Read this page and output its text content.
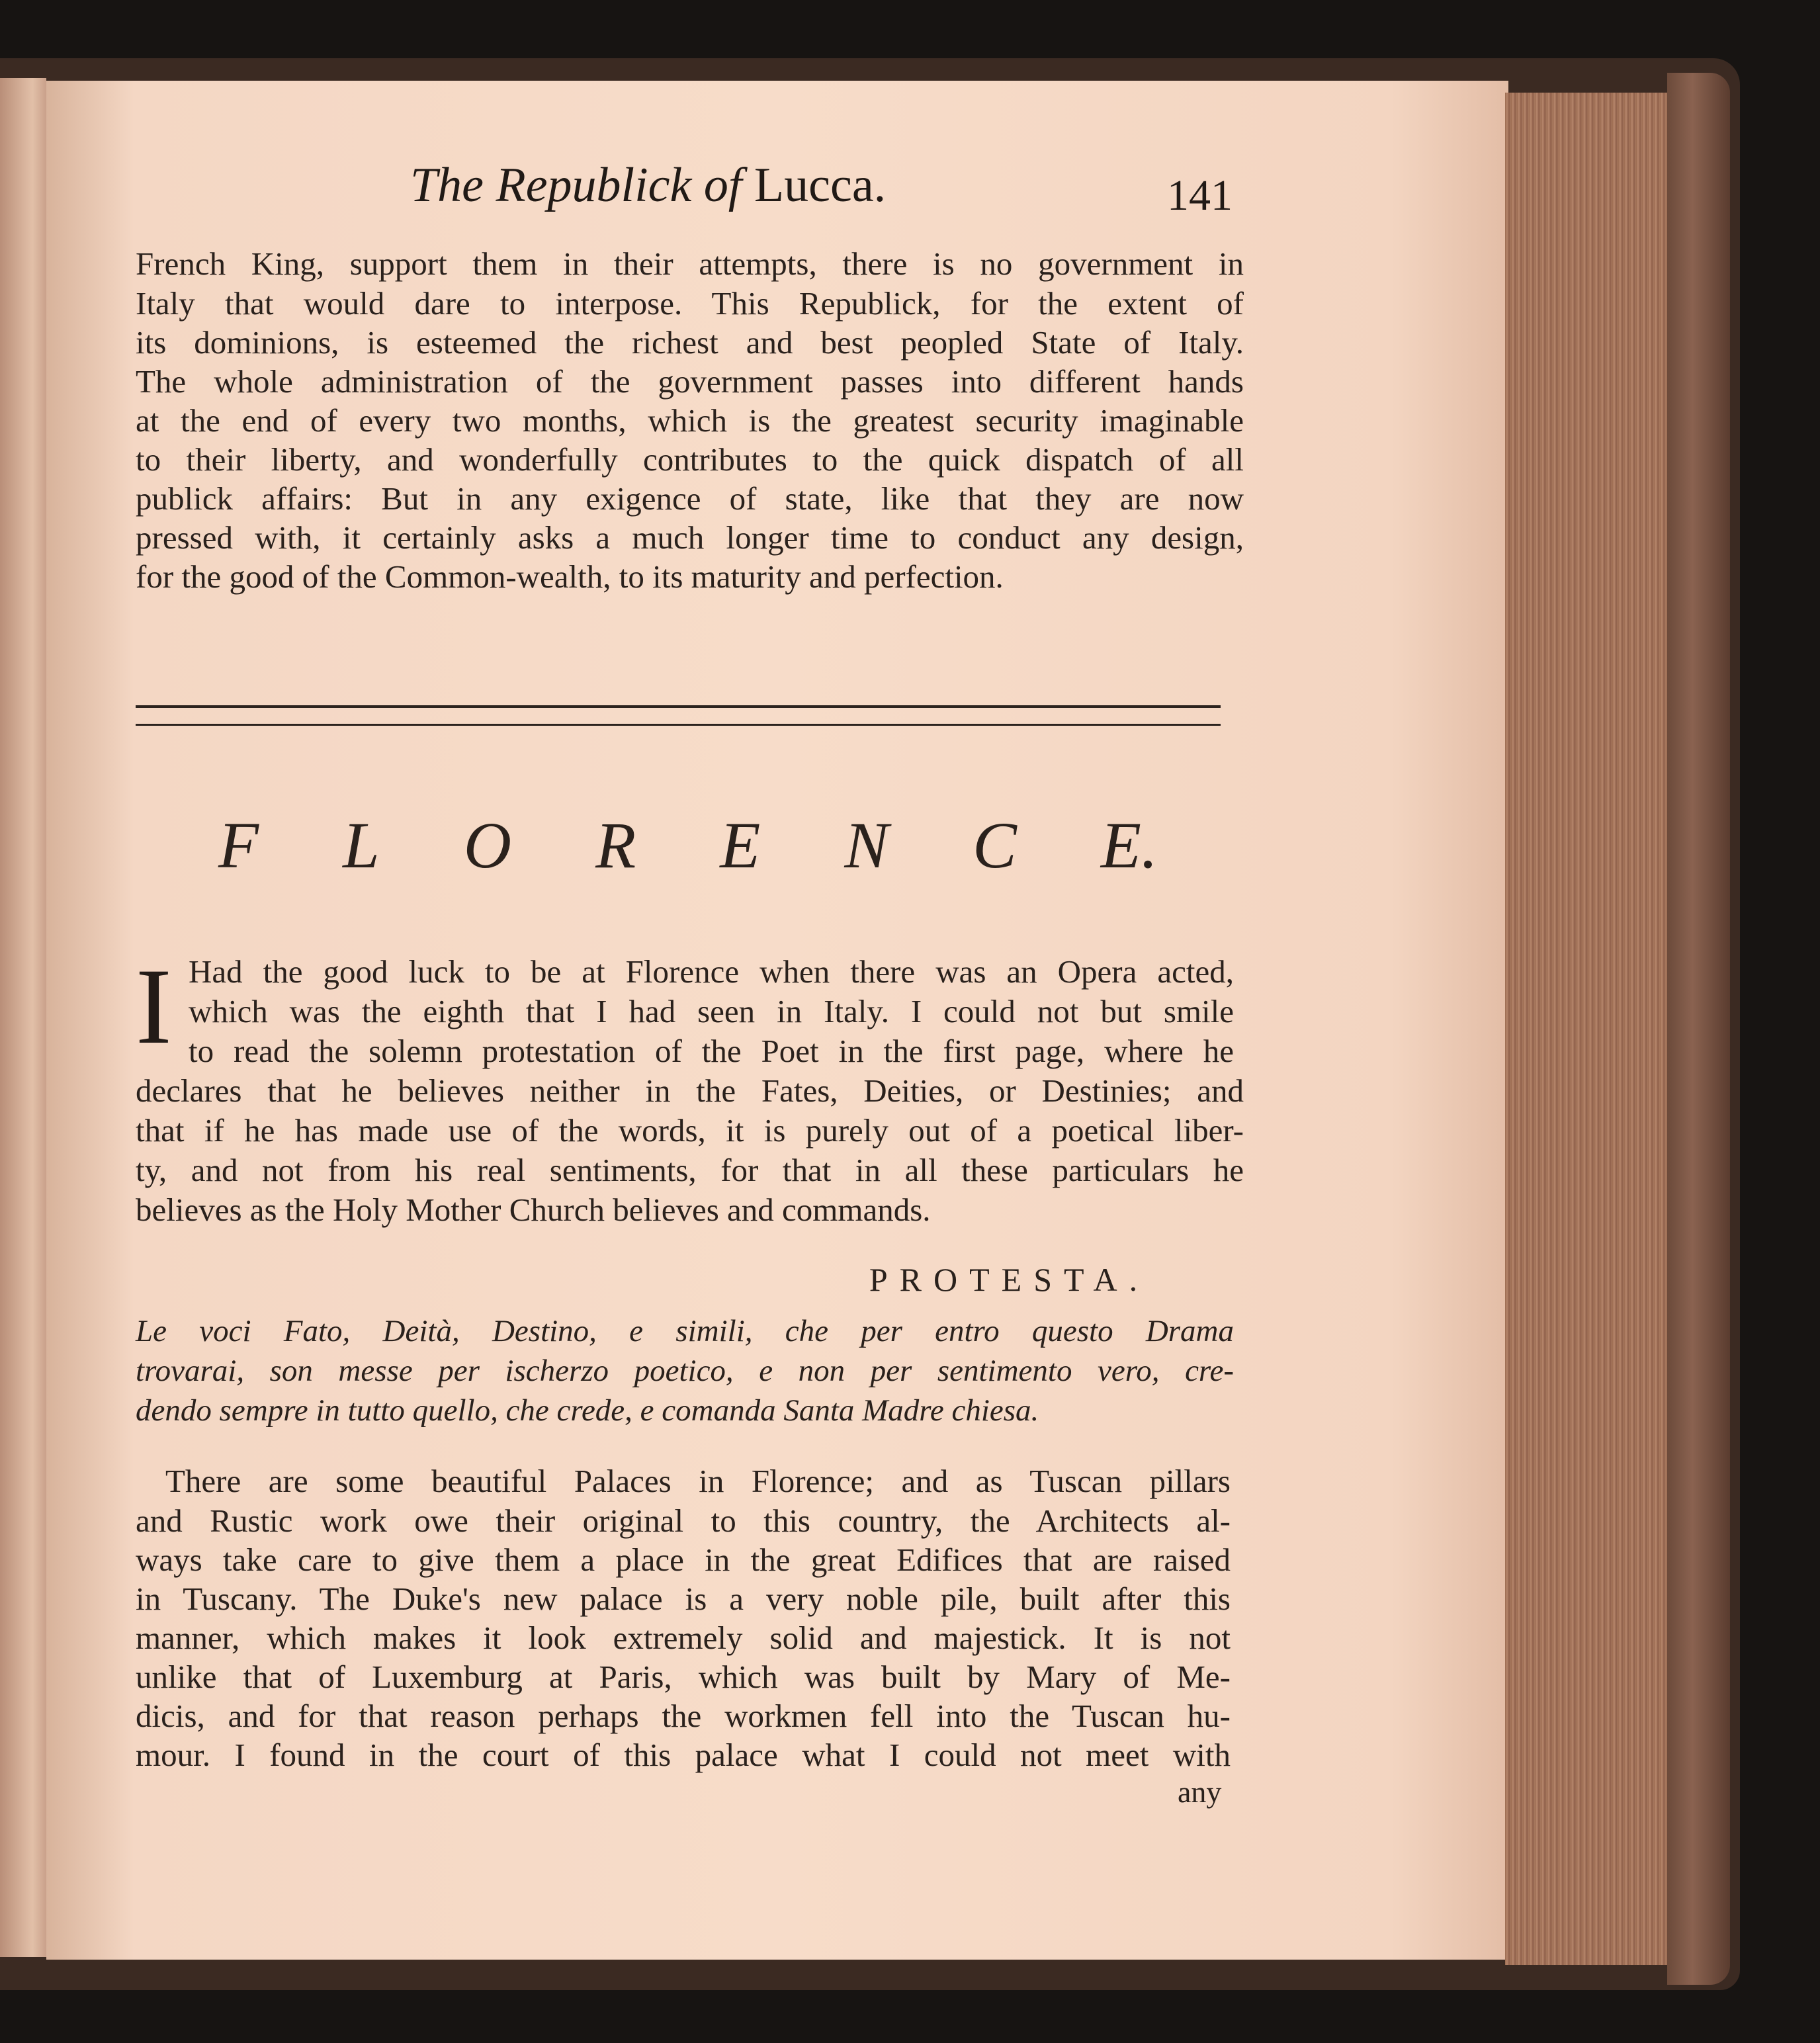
The Republick of Lucca.	141
French King, support them in their attempts, there is no government in
Italy that would dare to interpose. This Republick, for the extent of
its dominions, is esteemed the richest and best peopled State of Italy.
The whole administration of the government passes into different hands
at the end of every two months, which is the greatest security imaginable
to their liberty, and wonderfully contributes to the quick dispatch of all
publick affairs: But in any exigence of state, like that they are now
pressed with, it certainly asks a much longer time to conduct any design,
for the good of the Common-wealth, to its maturity and perfection.
F L O R E N C E.
I Had the good luck to be at Florence when there was an Opera acted,
which was the eighth that I had seen in Italy. I could not but smile
to read the solemn protestation of the Poet in the first page, where he
declares that he believes neither in the Fates, Deities, or Destinies; and
that if he has made use of the words, it is purely out of a poetical liber-
ty, and not from his real sentiments, for that in all these particulars he
believes as the Holy Mother Church believes and commands.
PROTESTA.
Le voci Fato, Deità, Destino, e simili, che per entro questo Drama
trovarai, son messe per ischerzo poetico, e non per sentimento vero, cre-
dendo sempre in tutto quello, che crede, e comanda Santa Madre chiesa.
There are some beautiful Palaces in Florence; and as Tuscan pillars
and Rustic work owe their original to this country, the Architects al-
ways take care to give them a place in the great Edifices that are raised
in Tuscany. The Duke's new palace is a very noble pile, built after this
manner, which makes it look extremely solid and majestick. It is not
unlike that of Luxemburg at Paris, which was built by Mary of Me-
dicis, and for that reason perhaps the workmen fell into the Tuscan hu-
mour. I found in the court of this palace what I could not meet with
any
